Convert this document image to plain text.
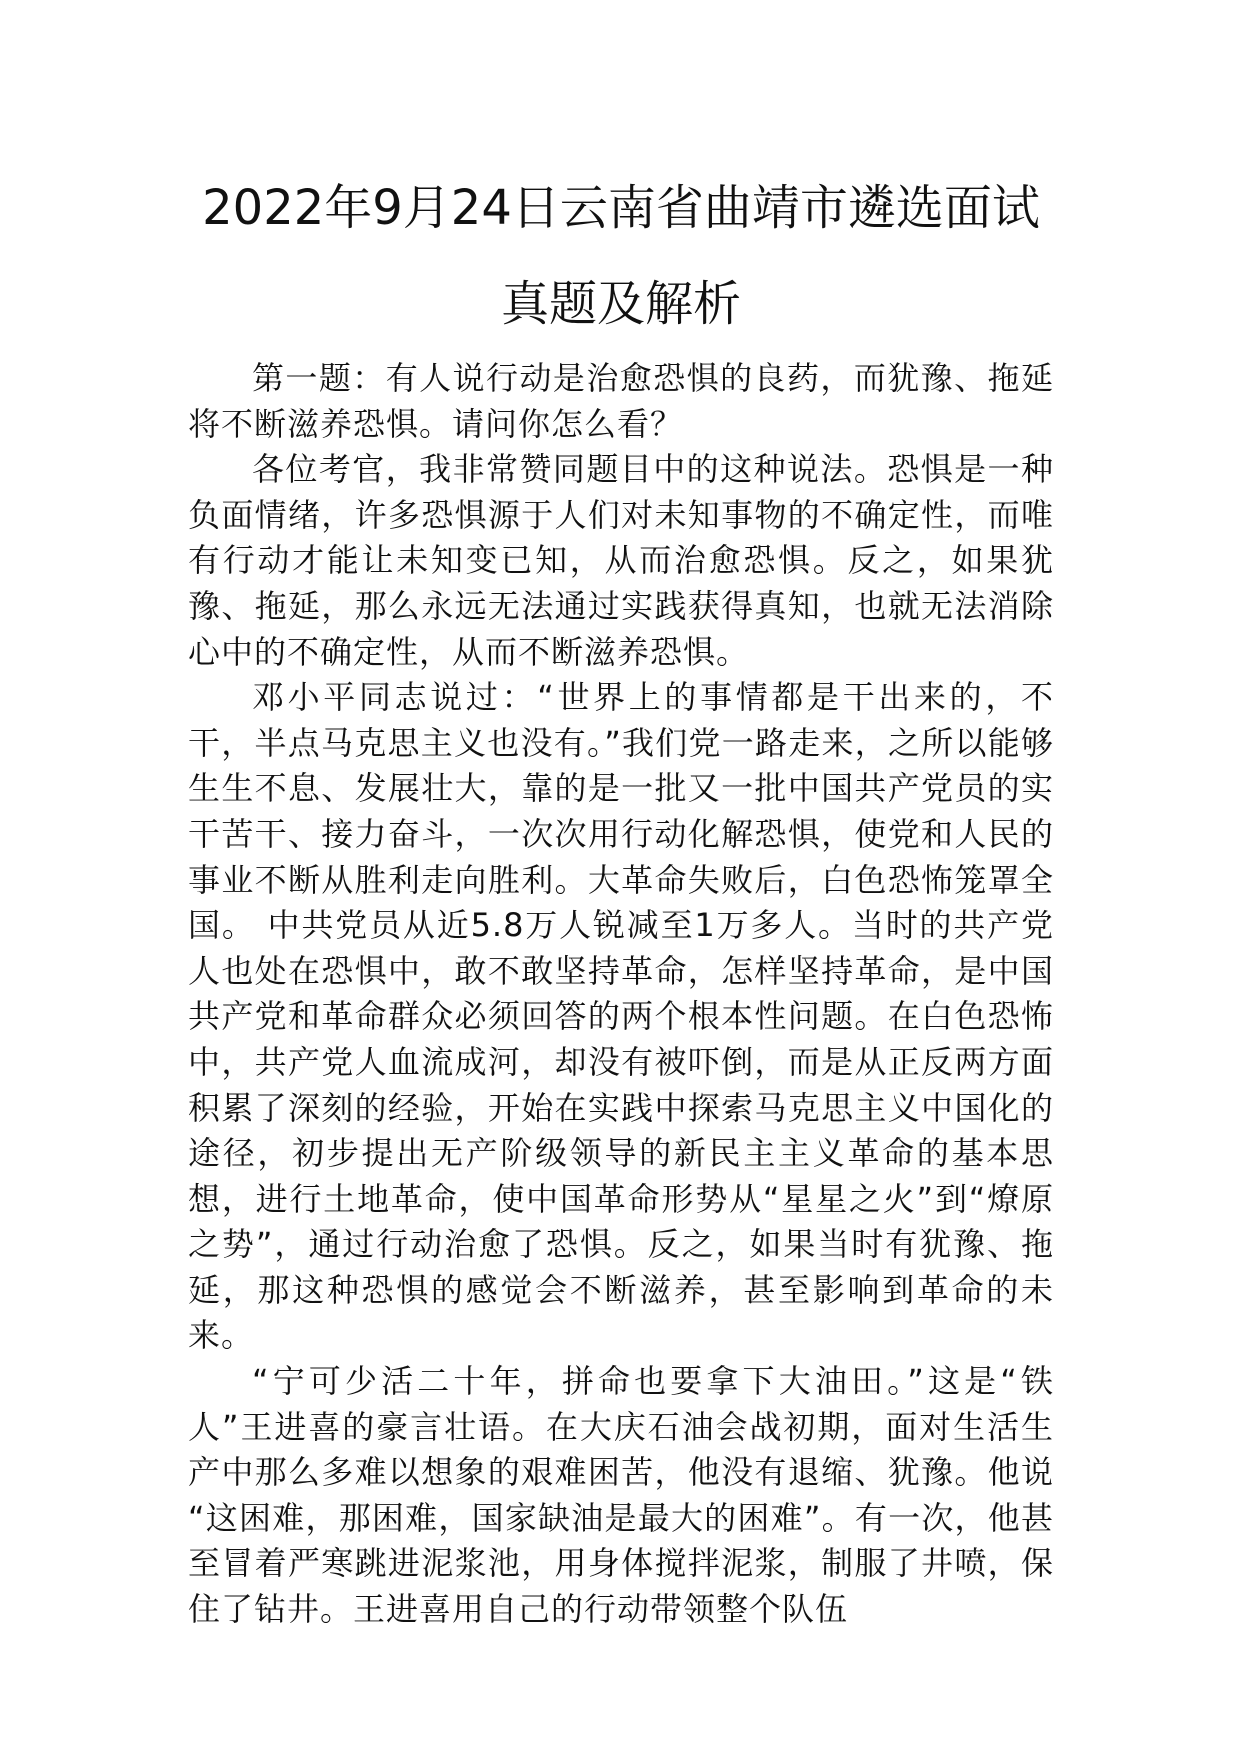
2022年9月24日云南省曲靖市遴选面试真题及解析

第一题：有人说行动是治愈恐惧的良药，而犹豫、拖延将不断滋养恐惧。请问你怎么看？

各位考官，我非常赞同题目中的这种说法。恐惧是一种负面情绪，许多恐惧源于人们对未知事物的不确定性，而唯有行动才能让未知变已知，从而治愈恐惧。反之，如果犹豫、拖延，那么永远无法通过实践获得真知，也就无法消除心中的不确定性，从而不断滋养恐惧。

邓小平同志说过：“世界上的事情都是干出来的，不干，半点马克思主义也没有。”我们党一路走来，之所以能够生生不息、发展壮大，靠的是一批又一批中国共产党员的实干苦干、接力奋斗，一次次用行动化解恐惧，使党和人民的事业不断从胜利走向胜利。大革命失败后，白色恐怖笼罩全国。 中共党员从近5.8万人锐减至1万多人。当时的共产党人也处在恐惧中，敢不敢坚持革命，怎样坚持革命，是中国共产党和革命群众必须回答的两个根本性问题。在白色恐怖中，共产党人血流成河，却没有被吓倒，而是从正反两方面积累了深刻的经验，开始在实践中探索马克思主义中国化的途径，初步提出无产阶级领导的新民主主义革命的基本思想，进行土地革命，使中国革命形势从“星星之火”到“燎原之势”，通过行动治愈了恐惧。反之，如果当时有犹豫、拖延，那这种恐惧的感觉会不断滋养，甚至影响到革命的未来。

“宁可少活二十年，拼命也要拿下大油田。”这是“铁人”王进喜的豪言壮语。在大庆石油会战初期，面对生活生产中那么多难以想象的艰难困苦，他没有退缩、犹豫。他说 “这困难，那困难，国家缺油是最大的困难”。有一次，他甚至冒着严寒跳进泥浆池，用身体搅拌泥浆，制服了井喷，保住了钻井。王进喜用自己的行动带领整个队伍
